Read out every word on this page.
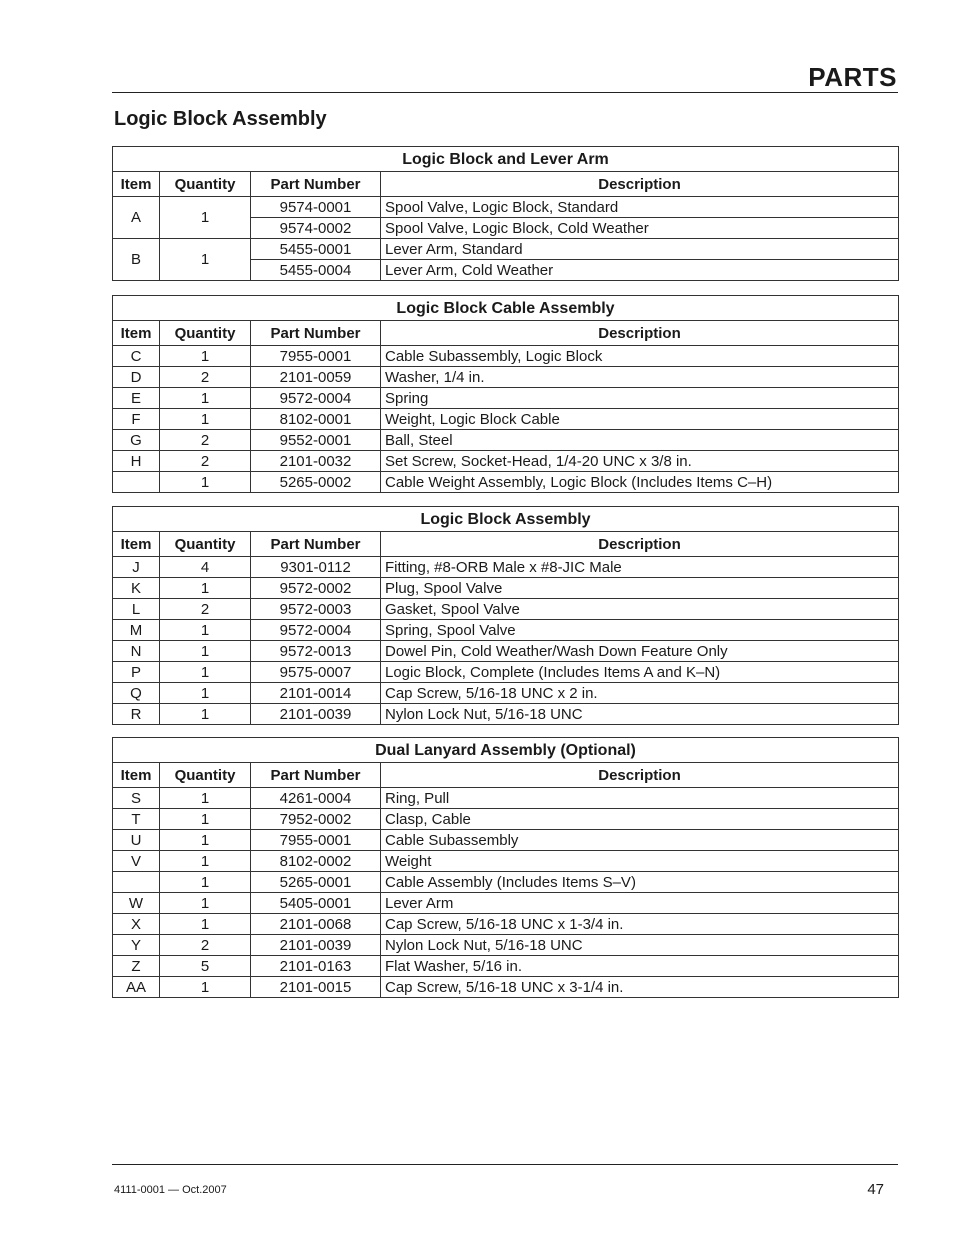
PARTS
Logic Block Assembly
Logic Block and Lever Arm			
Item	Quantity	Part Number	Description
A	1	9574-0001	Spool Valve, Logic Block, Standard
		9574-0002	Spool Valve, Logic Block, Cold Weather
B	1	5455-0001	Lever Arm, Standard
		5455-0004	Lever Arm, Cold Weather
Logic Block Cable Assembly			
Item	Quantity	Part Number	Description
C	1	7955-0001	Cable Subassembly, Logic Block
D	2	2101-0059	Washer, 1/4 in.
E	1	9572-0004	Spring
F	1	8102-0001	Weight, Logic Block Cable
G	2	9552-0001	Ball, Steel
H	2	2101-0032	Set Screw, Socket-Head, 1/4-20 UNC x 3/8 in.
	1	5265-0002	Cable Weight Assembly, Logic Block (Includes Items C–H)
Logic Block Assembly			
Item	Quantity	Part Number	Description
J	4	9301-0112	Fitting, #8-ORB Male x #8-JIC Male
K	1	9572-0002	Plug, Spool Valve
L	2	9572-0003	Gasket, Spool Valve
M	1	9572-0004	Spring, Spool Valve
N	1	9572-0013	Dowel Pin, Cold Weather/Wash Down Feature Only
P	1	9575-0007	Logic Block, Complete (Includes Items A and K–N)
Q	1	2101-0014	Cap Screw, 5/16-18 UNC x 2 in.
R	1	2101-0039	Nylon Lock Nut, 5/16-18 UNC
Dual Lanyard Assembly (Optional)			
Item	Quantity	Part Number	Description
S	1	4261-0004	Ring, Pull
T	1	7952-0002	Clasp, Cable
U	1	7955-0001	Cable Subassembly
V	1	8102-0002	Weight
	1	5265-0001	Cable Assembly (Includes Items S–V)
W	1	5405-0001	Lever Arm
X	1	2101-0068	Cap Screw, 5/16-18 UNC x 1-3/4 in.
Y	2	2101-0039	Nylon Lock Nut, 5/16-18 UNC
Z	5	2101-0163	Flat Washer, 5/16 in.
AA	1	2101-0015	Cap Screw, 5/16-18 UNC x 3-1/4 in.
4111-0001 — Oct.2007	47
